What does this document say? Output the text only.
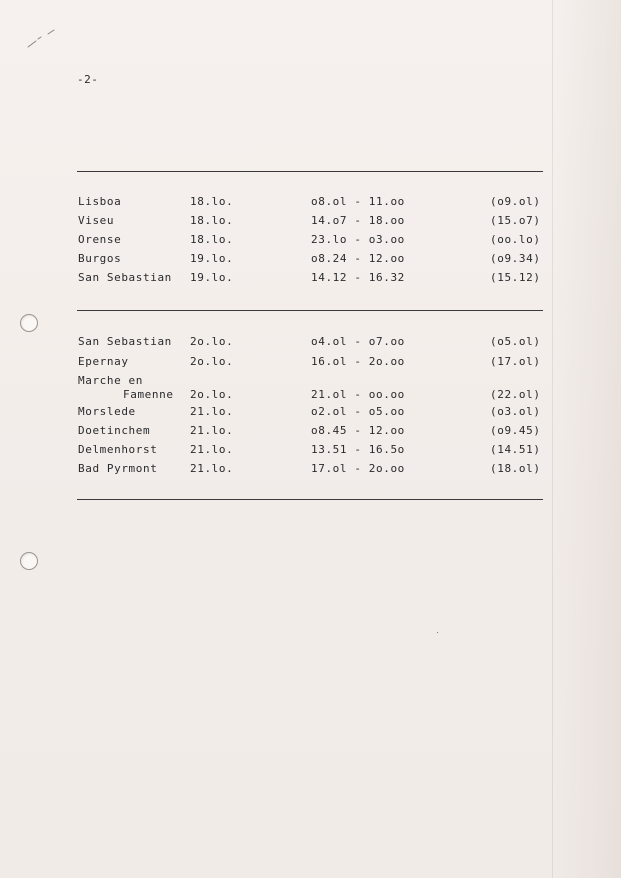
-2-
Lisboa	18.lo.	o8.ol - 11.oo	(o9.ol)
Viseu	18.lo.	14.o7 - 18.oo	(15.o7)
Orense	18.lo.	23.lo - o3.oo	(oo.lo)
Burgos	19.lo.	o8.24 - 12.oo	(o9.34)
San Sebastian 19.lo.	14.12 - 16.32	(15.12)
San Sebastian 2o.lo.	o4.ol - o7.oo	(o5.ol)
Epernay	2o.lo.	16.ol - 2o.oo	(17.ol)
Marche en
Famenne 2o.lo.	21.ol - oo.oo	(22.ol)
Morslede	21.lo.	o2.ol - o5.oo	(o3.ol)
Doetinchem	21.lo.	o8.45 - 12.oo	(o9.45)
Delmenhorst	21.lo.	13.51 - 16.5o	(14.51)
Bad Pyrmont	21.lo.	17.ol - 2o.oo	(18.ol)
